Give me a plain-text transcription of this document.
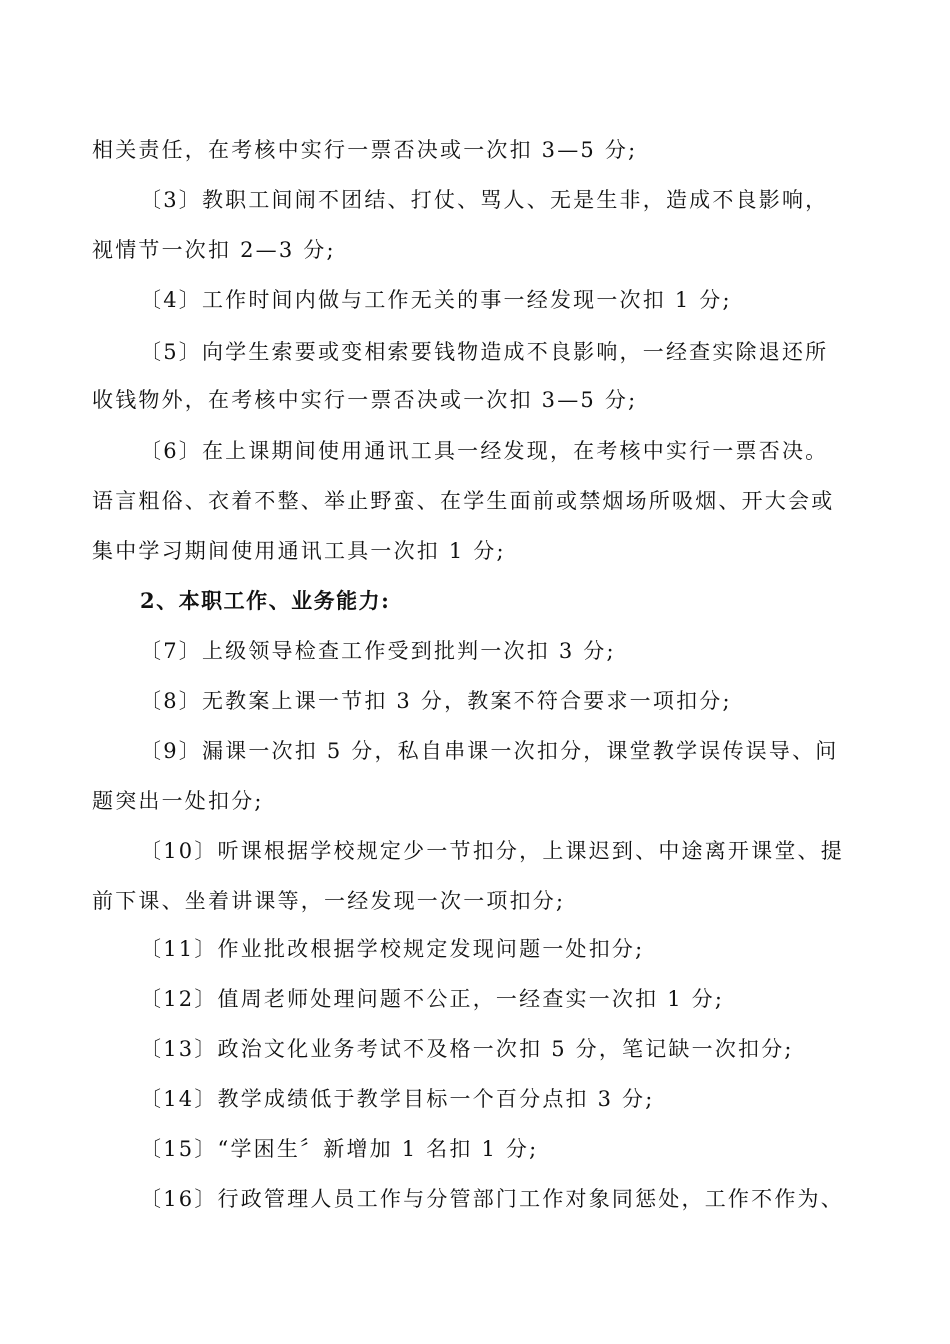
相关责任，在考核中实行一票否决或一次扣 3—5 分;
〔3〕教职工间闹不团结、打仗、骂人、无是生非，造成不良影响，
视情节一次扣 2—3 分;
〔4〕工作时间内做与工作无关的事一经发现一次扣 1 分;
〔5〕向学生索要或变相索要钱物造成不良影响，一经查实除退还所
收钱物外，在考核中实行一票否决或一次扣 3—5 分;
〔6〕在上课期间使用通讯工具一经发现，在考核中实行一票否决。
语言粗俗、衣着不整、举止野蛮、在学生面前或禁烟场所吸烟、开大会或
集中学习期间使用通讯工具一次扣 1 分;
2、本职工作、业务能力:
〔7〕上级领导检查工作受到批判一次扣 3 分;
〔8〕无教案上课一节扣 3 分，教案不符合要求一项扣分;
〔9〕漏课一次扣 5 分，私自串课一次扣分，课堂教学误传误导、问
题突出一处扣分;
〔10〕听课根据学校规定少一节扣分，上课迟到、中途离开课堂、提
前下课、坐着讲课等，一经发现一次一项扣分;
〔11〕作业批改根据学校规定发现问题一处扣分;
〔12〕值周老师处理问题不公正，一经查实一次扣 1 分;
〔13〕政治文化业务考试不及格一次扣 5 分，笔记缺一次扣分;
〔14〕教学成绩低于教学目标一个百分点扣 3 分;
〔15〕“学困生〞新增加 1 名扣 1 分;
〔16〕行政管理人员工作与分管部门工作对象同惩处，工作不作为、
